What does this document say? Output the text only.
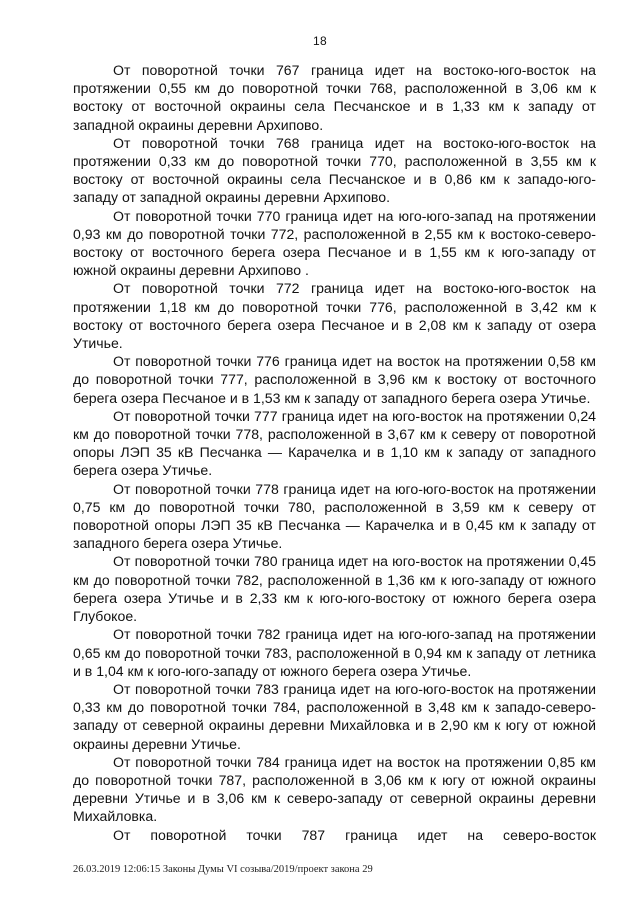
18

От поворотной точки 767 граница идет на востоко-юго-восток на протяжении 0,55 км до поворотной точки 768, расположенной в 3,06 км к востоку от восточной окраины села Песчанское и в 1,33 км к западу от западной окраины деревни Архипово.

От поворотной точки 768 граница идет на востоко-юго-восток на протяжении 0,33 км до поворотной точки 770, расположенной в 3,55 км к востоку от восточной окраины села Песчанское и в 0,86 км к западо-юго-западу от западной окраины деревни Архипово.

От поворотной точки 770 граница идет на юго-юго-запад на протяжении 0,93 км до поворотной точки 772, расположенной в 2,55 км к востоко-северо-востоку от восточного берега озера Песчаное и в 1,55 км к юго-западу от южной окраины деревни Архипово .

От поворотной точки 772 граница идет на востоко-юго-восток на протяжении 1,18 км до поворотной точки 776, расположенной в 3,42 км к востоку от восточного берега озера Песчаное и в 2,08 км к западу от озера Утичье.

От поворотной точки 776 граница идет на восток на протяжении 0,58 км до поворотной точки 777, расположенной в 3,96 км к востоку от восточного берега озера Песчаное и в 1,53 км к западу от западного берега озера Утичье.

От поворотной точки 777 граница идет на юго-восток на протяжении 0,24 км до поворотной точки 778, расположенной в 3,67 км к северу от поворотной опоры ЛЭП 35 кВ Песчанка — Карачелка и в 1,10 км к западу от западного берега озера Утичье.

От поворотной точки 778 граница идет на юго-юго-восток на протяжении 0,75 км до поворотной точки 780, расположенной в 3,59 км к северу от поворотной опоры ЛЭП 35 кВ Песчанка — Карачелка и в 0,45 км к западу от западного берега озера Утичье.

От поворотной точки 780 граница идет на юго-восток на протяжении 0,45 км до поворотной точки 782, расположенной в 1,36 км к юго-западу от южного берега озера Утичье и в 2,33 км к юго-юго-востоку от южного берега озера Глубокое.

От поворотной точки 782 граница идет на юго-юго-запад на протяжении 0,65 км до поворотной точки 783, расположенной в 0,94 км к западу от летника и в 1,04 км к юго-юго-западу от южного берега озера Утичье.

От поворотной точки 783 граница идет на юго-юго-восток на протяжении 0,33 км до поворотной точки 784, расположенной в 3,48 км к западо-северо-западу от северной окраины деревни Михайловка и в 2,90 км к югу от южной окраины деревни Утичье.

От поворотной точки 784 граница идет на восток на протяжении 0,85 км до поворотной точки 787, расположенной в 3,06 км к югу от южной окраины деревни Утичье и в 3,06 км к северо-западу от северной окраины деревни Михайловка.

От поворотной точки 787 граница идет на северо-восток

26.03.2019 12:06:15 Законы Думы VI созыва/2019/проект закона 29
